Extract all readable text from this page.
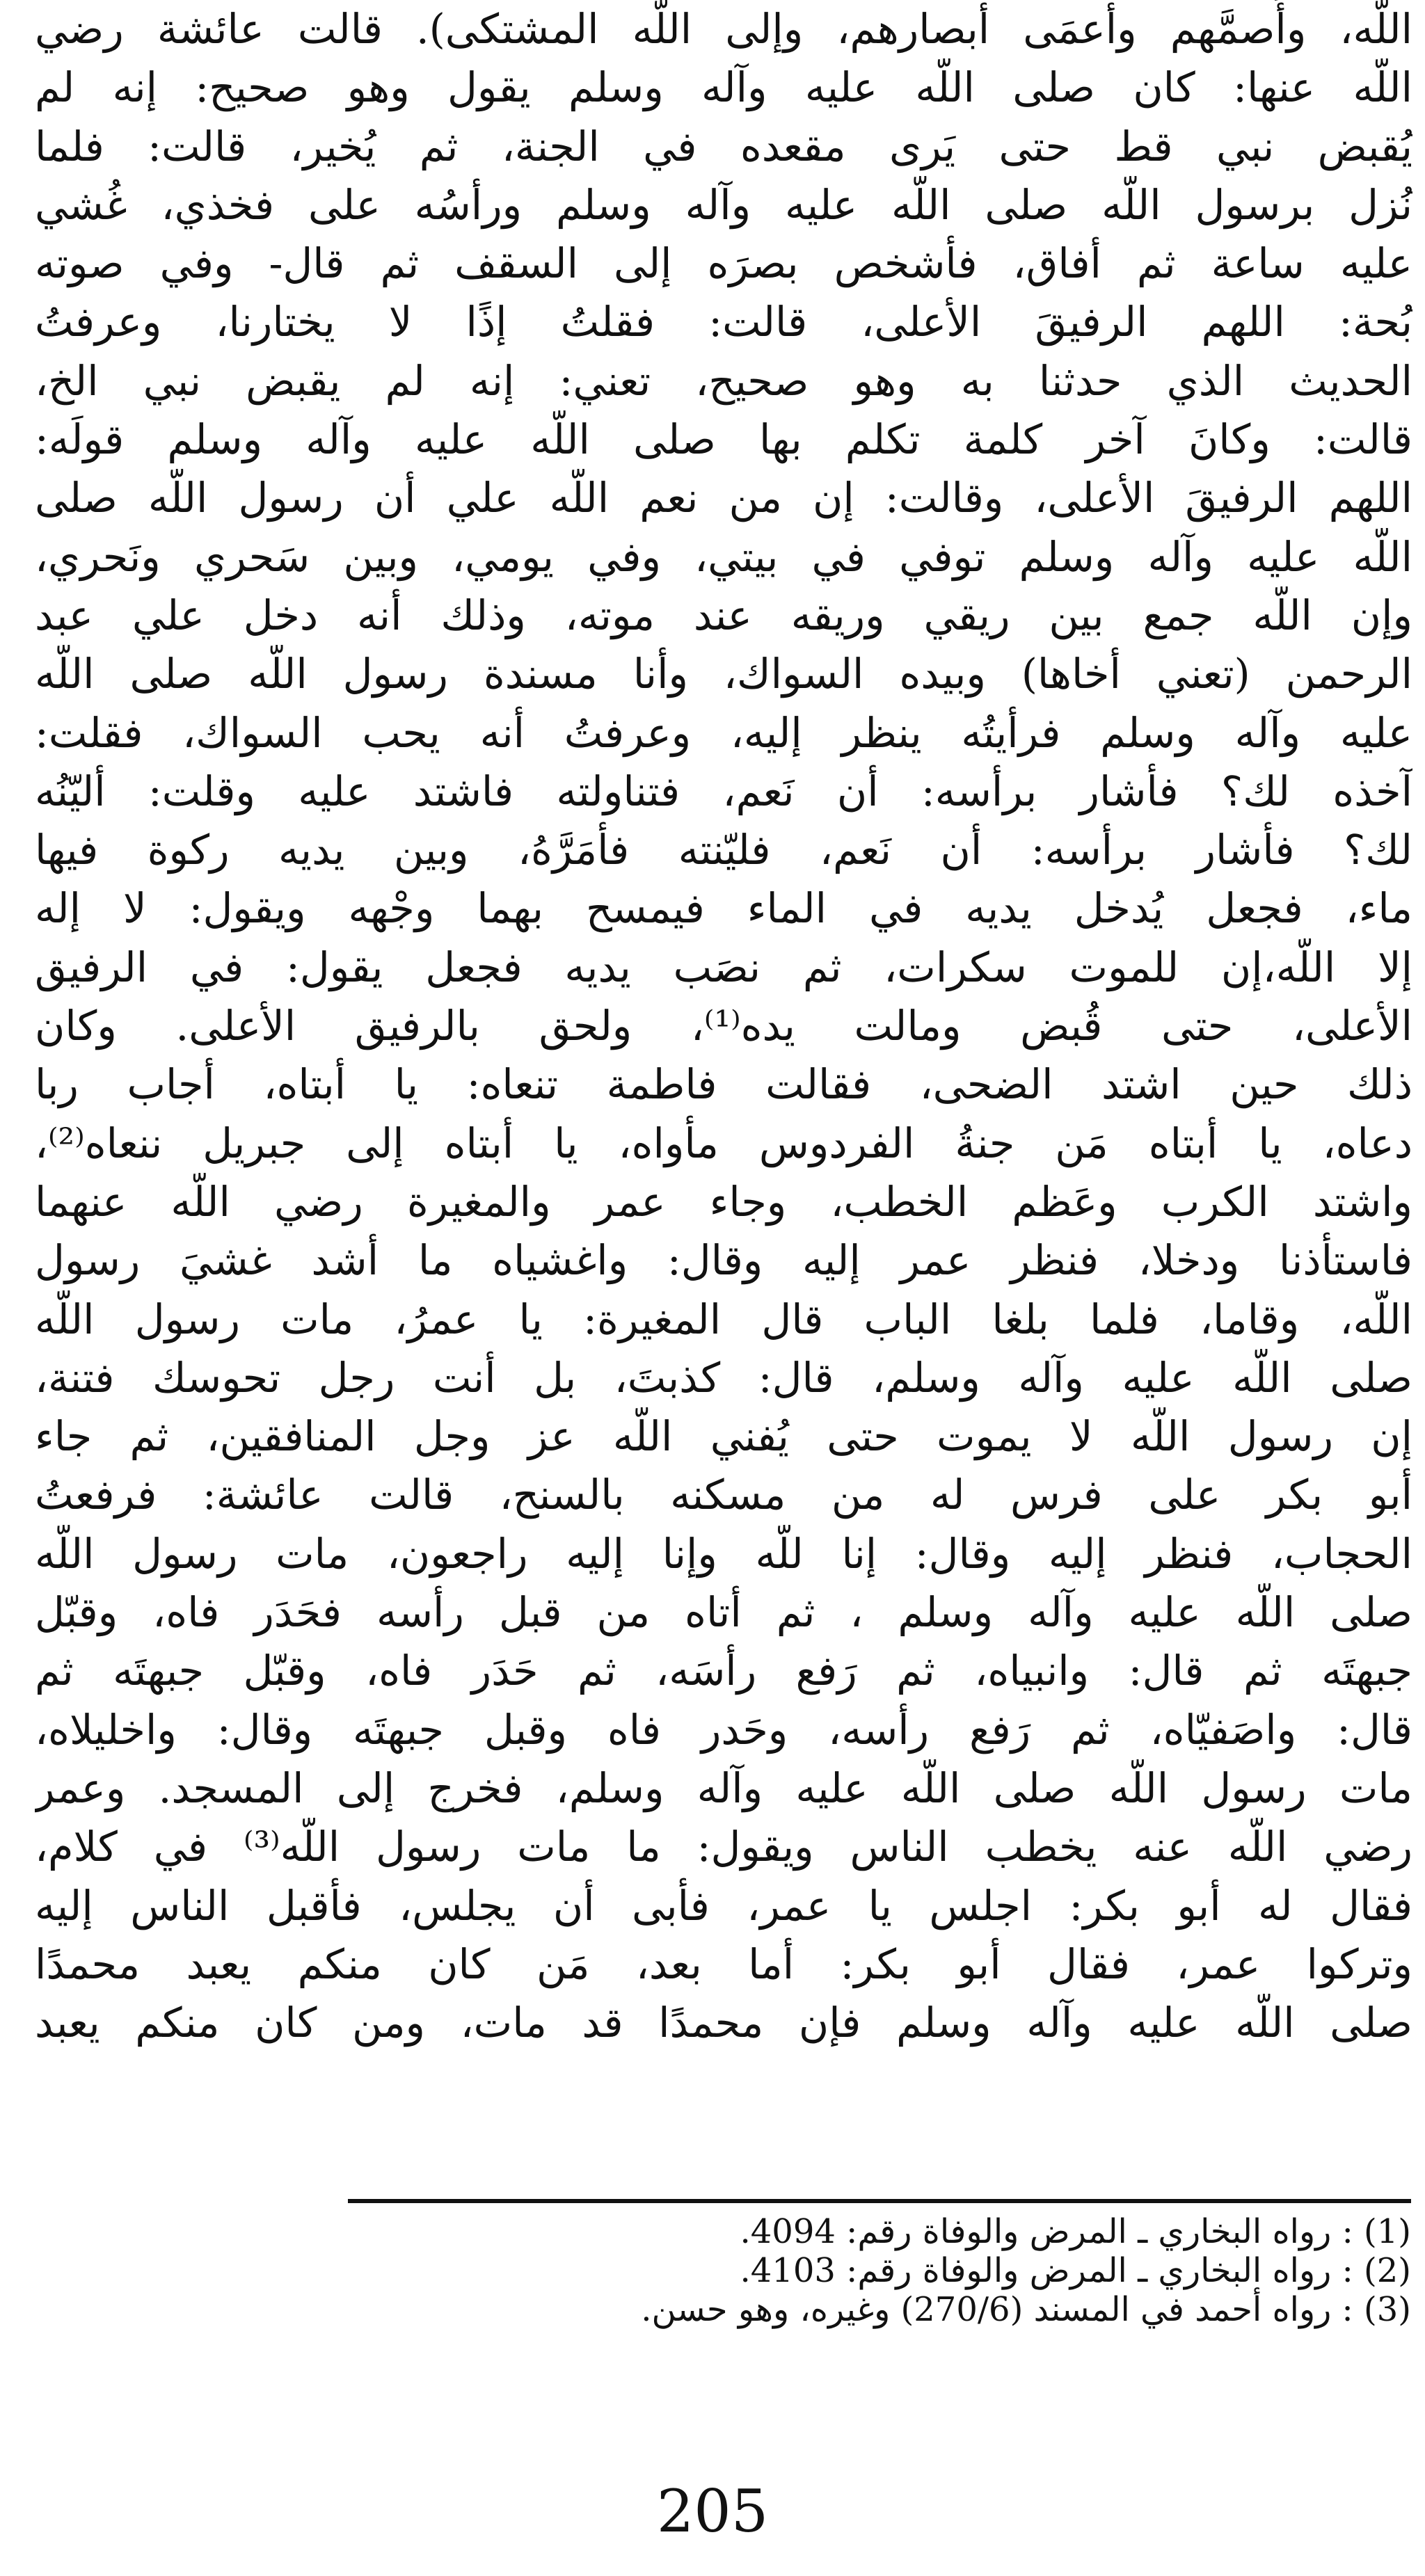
اللّه، وأَصمَّهم وأعمَى أبصارهم، وإلى اللّه المشتكى). قالت عائشة رضي
اللّه عنها: كان صلى اللّه عليه وآله وسلم يقول وهو صحيح: إنه لم
يُقبض نبي قط حتى يَرى مقعده في الجنة، ثم يُخير، قالت: فلما
نُزل برسول اللّه صلى اللّه عليه وآله وسلم ورأسُه على فخذي، غُشي
عليه ساعة ثم أفاق، فأشخص بصرَه إلى السقف ثم قال- وفي صوته
بُحة: اللهم الرفيقَ الأعلى، قالت: فقلتُ إذًا لا يختارنا، وعرفتُ
الحديث الذي حدثنا به وهو صحيح، تعني: إنه لم يقبض نبي الخ،
قالت: وكانَ آخر كلمة تكلم بها صلى اللّه عليه وآله وسلم قولَه:
اللهم الرفيقَ الأعلى، وقالت: إن من نعم اللّه علي أن رسول اللّه صلى
اللّه عليه وآله وسلم توفي في بيتي، وفي يومي، وبين سَحري ونَحري،
وإن اللّه جمع بين ريقي وريقه عند موته، وذلك أنه دخل علي عبد
الرحمن (تعني أخاها) وبيده السواك، وأنا مسندة رسول اللّه صلى اللّه
عليه وآله وسلم فرأيتُه ينظر إليه، وعرفتُ أنه يحب السواك، فقلت:
آخذه لك؟ فأشار برأسه: أن نَعم، فتناولته فاشتد عليه وقلت: أليّنُه
لك؟ فأشار برأسه: أن نَعم، فليّنته فأمَرَّهُ، وبين يديه ركوة فيها
ماء، فجعل يُدخل يديه في الماء فيمسح بهما وجْهه ويقول: لا إله
إلا اللّه،إن للموت سكرات، ثم نصَب يديه فجعل يقول: في الرفيق
الأعلى، حتى قُبض ومالت يده⁽¹⁾، ولحق بالرفيق الأعلى. وكان
ذلك حين اشتد الضحى، فقالت فاطمة تنعاه: يا أبتاه، أجاب ربا
دعاه، يا أبتاه مَن جنةُ الفردوس مأواه، يا أبتاه إلى جبريل ننعاه⁽²⁾،
واشتد الكرب وعَظم الخطب، وجاء عمر والمغيرة رضي اللّه عنهما
فاستأذنا ودخلا، فنظر عمر إليه وقال: واغشياه ما أشد غشيَ رسول
اللّه، وقاما، فلما بلغا الباب قال المغيرة: يا عمرُ، مات رسول اللّه
صلى اللّه عليه وآله وسلم، قال: كذبتَ، بل أنت رجل تحوسك فتنة،
إن رسول اللّه لا يموت حتى يُفني اللّه عز وجل المنافقين، ثم جاء
أبو بكر على فرس له من مسكنه بالسنح، قالت عائشة: فرفعتُ
الحجاب، فنظر إليه وقال: إنا للّه وإنا إليه راجعون، مات رسول اللّه
صلى اللّه عليه وآله وسلم ، ثم أتاه من قبل رأسه فحَدَر فاه، وقبّل
جبهتَه ثم قال: وانبياه، ثم رَفع رأسَه، ثم حَدَر فاه، وقبّل جبهتَه ثم
قال: واصَفيّاه، ثم رَفع رأسه، وحَدر فاه وقبل جبهتَه وقال: واخليلاه،
مات رسول اللّه صلى اللّه عليه وآله وسلم، فخرج إلى المسجد. وعمر
رضي اللّه عنه يخطب الناس ويقول: ما مات رسول اللّه⁽³⁾ في كلام،
فقال له أبو بكر: اجلس يا عمر، فأبى أن يجلس، فأقبل الناس إليه
وتركوا عمر، فقال أبو بكر: أما بعد، مَن كان منكم يعبد محمدًا
صلى اللّه عليه وآله وسلم فإن محمدًا قد مات، ومن كان منكم يعبد
(1) : رواه البخاري ـ المرض والوفاة رقم: 4094.
(2) : رواه البخاري ـ المرض والوفاة رقم: 4103.
(3) : رواه أحمد في المسند (270/6) وغيره، وهو حسن.
205
